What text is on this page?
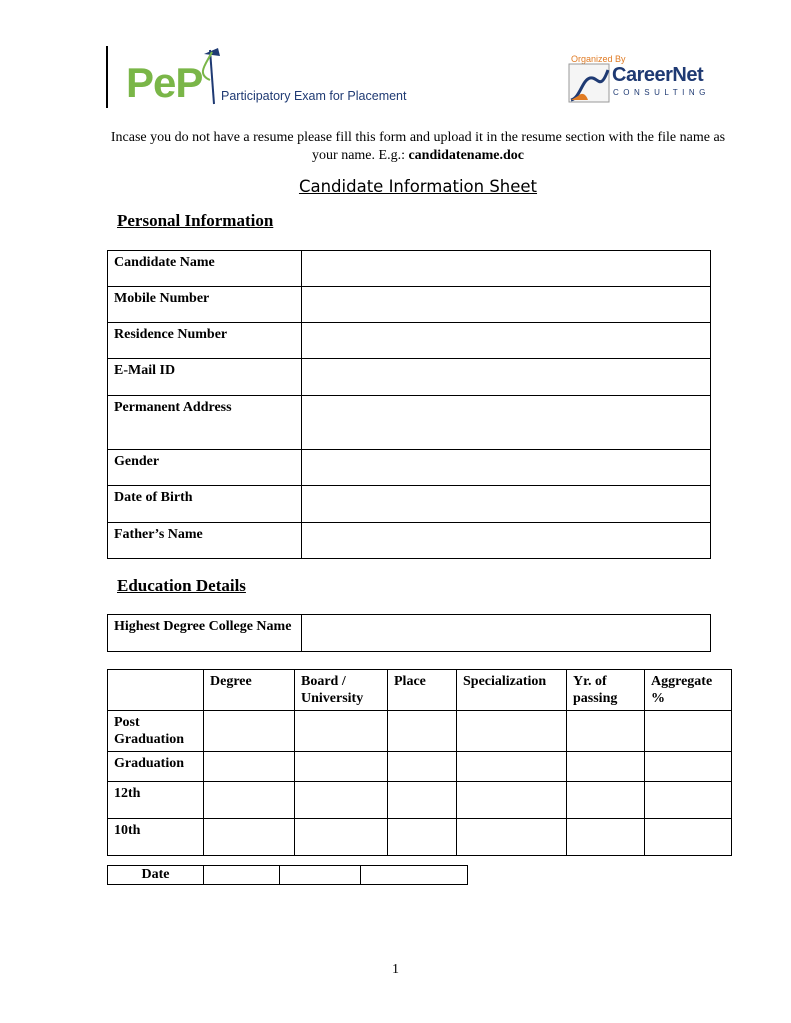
PeP Participatory Exam for Placement
Organized By
CareerNet
CONSULTING
Incase you do not have a resume please fill this form and upload it in the resume section with the file name as your name. E.g.: candidatename.doc
Candidate Information Sheet
Personal Information
Candidate Name	
Mobile Number	
Residence Number	
E-Mail ID	
Permanent Address	
Gender	
Date of Birth	
Father’s Name	
Education Details
Highest Degree College Name	
	Degree	Board / University	Place	Specialization	Yr. of passing	Aggregate %
Post Graduation						
Graduation						
12th						
10th						
Date			
1
